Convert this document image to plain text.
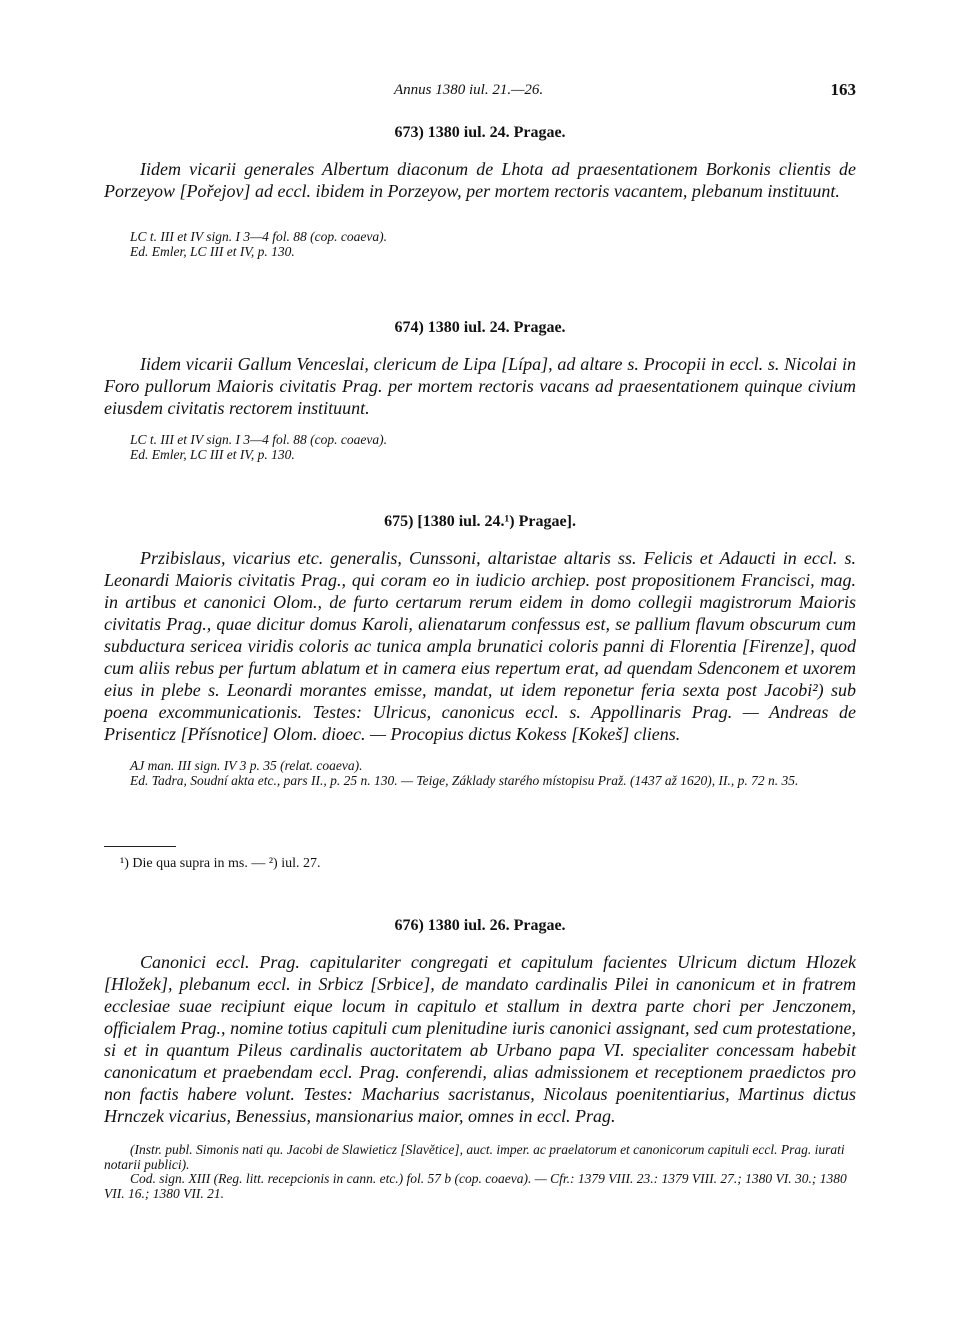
Annus 1380 iul. 21.—26.	163
673) 1380 iul. 24. Pragae.

Iidem vicarii generales Albertum diaconum de Lhota ad praesentationem Borkonis clientis de Porzeyow [Pořejov] ad eccl. ibidem in Porzeyow, per mortem rectoris vacantem, plebanum instituunt.

LC t. III et IV sign. I 3—4 fol. 88 (cop. coaeva).

Ed. Emler, LC III et IV, p. 130.

674) 1380 iul. 24. Pragae.

Iidem vicarii Gallum Venceslai, clericum de Lipa [Lípa], ad altare s. Procopii in eccl. s. Nicolai in Foro pullorum Maioris civitatis Prag. per mortem rectoris vacans ad praesentationem quinque civium eiusdem civitatis rectorem instituunt.

LC t. III et IV sign. I 3—4 fol. 88 (cop. coaeva).

Ed. Emler, LC III et IV, p. 130.

675) [1380 iul. 24.¹) Pragae].

Przibislaus, vicarius etc. generalis, Cunssoni, altaristae altaris ss. Felicis et Adaucti in eccl. s. Leonardi Maioris civitatis Prag., qui coram eo in iudicio archiep. post propositionem Francisci, mag. in artibus et canonici Olom., de furto certarum rerum eidem in domo collegii magistrorum Maioris civitatis Prag., quae dicitur domus Karoli, alienatarum confessus est, se pallium flavum obscurum cum subductura sericea viridis coloris ac tunica ampla brunatici coloris panni di Florentia [Firenze], quod cum aliis rebus per furtum ablatum et in camera eius repertum erat, ad quendam Sdenconem et uxorem eius in plebe s. Leonardi morantes emisse, mandat, ut idem reponetur feria sexta post Jacobi²) sub poena excommunicationis. Testes: Ulricus, canonicus eccl. s. Appollinaris Prag. — Andreas de Prisenticz [Přísnotice] Olom. dioec. — Procopius dictus Kokess [Kokeš] cliens.

AJ man. III sign. IV 3 p. 35 (relat. coaeva).

Ed. Tadra, Soudní akta etc., pars II., p. 25 n. 130. — Teige, Základy starého místopisu Praž. (1437 až 1620), II., p. 72 n. 35.

¹) Die qua supra in ms. — ²) iul. 27.
676) 1380 iul. 26. Pragae.

Canonici eccl. Prag. capitulariter congregati et capitulum facientes Ulricum dictum Hlozek [Hložek], plebanum eccl. in Srbicz [Srbice], de mandato cardinalis Pilei in canonicum et in fratrem ecclesiae suae recipiunt eique locum in capitulo et stallum in dextra parte chori per Jenczonem, officialem Prag., nomine totius capituli cum plenitudine iuris canonici assignant, sed cum protestatione, si et in quantum Pileus cardinalis auctoritatem ab Urbano papa VI. specialiter concessam habebit canonicatum et praebendam eccl. Prag. conferendi, alias admissionem et receptionem praedictos pro non factis habere volunt. Testes: Macharius sacristanus, Nicolaus poenitentiarius, Martinus dictus Hrnczek vicarius, Benessius, mansionarius maior, omnes in eccl. Prag.

(Instr. publ. Simonis nati qu. Jacobi de Slawieticz [Slavětice], auct. imper. ac praelatorum et canonicorum capituli eccl. Prag. iurati notarii publici).

Cod. sign. XIII (Reg. litt. recepcionis in cann. etc.) fol. 57 b (cop. coaeva). — Cfr.: 1379 VIII. 23.: 1379 VIII. 27.; 1380 VI. 30.; 1380 VII. 16.; 1380 VII. 21.
